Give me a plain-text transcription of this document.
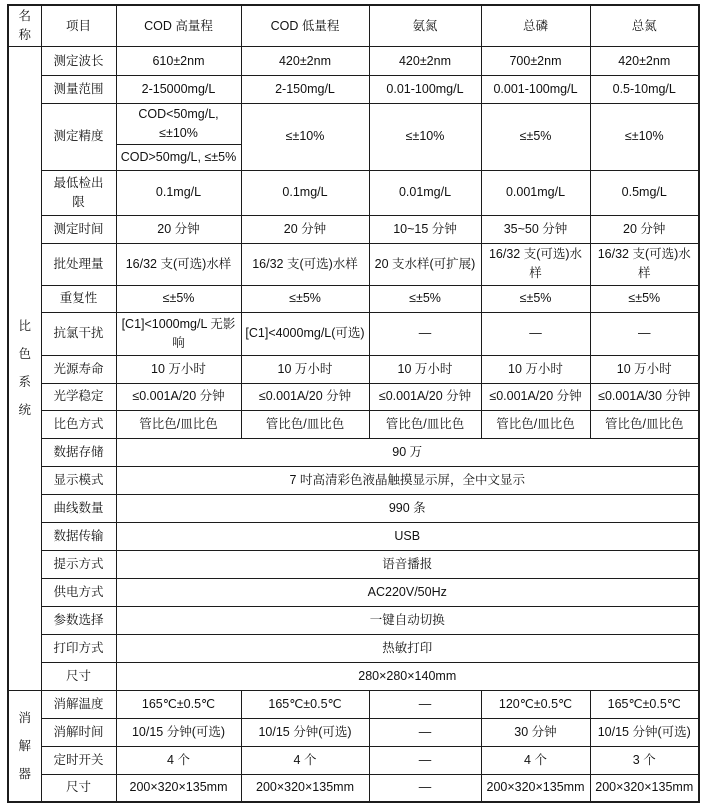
名称	项目	COD 高量程	COD 低量程	氨氮	总磷	总氮
比色系统	测定波长	610±2nm	420±2nm	420±2nm	700±2nm	420±2nm
	测量范围	2-15000mg/L	2-150mg/L	0.01-100mg/L	0.001-100mg/L	0.5-10mg/L
	测定精度	COD<50mg/L, ≤±10%	≤±10%	≤±10%	≤±5%	≤±10%
		COD>50mg/L, ≤±5%				
	最低检出限	0.1mg/L	0.1mg/L	0.01mg/L	0.001mg/L	0.5mg/L
	测定时间	20 分钟	20 分钟	10~15 分钟	35~50 分钟	20 分钟
	批处理量	16/32 支(可选)水样	16/32 支(可选)水样	20 支水样(可扩展)	16/32 支(可选)水样	16/32 支(可选)水样
	重复性	≤±5%	≤±5%	≤±5%	≤±5%	≤±5%
	抗氯干扰	[C1]<1000mg/L 无影响	[C1]<4000mg/L(可选)	—	—	—
	光源寿命	10 万小时	10 万小时	10 万小时	10 万小时	10 万小时
	光学稳定	≤0.001A/20 分钟	≤0.001A/20 分钟	≤0.001A/20 分钟	≤0.001A/20 分钟	≤0.001A/30 分钟
	比色方式	管比色/皿比色	管比色/皿比色	管比色/皿比色	管比色/皿比色	管比色/皿比色
	数据存储	90 万				
	显示模式	7 吋高清彩色液晶触摸显示屏，全中文显示				
	曲线数量	990 条				
	数据传输	USB				
	提示方式	语音播报				
	供电方式	AC220V/50Hz				
	参数选择	一键自动切换				
	打印方式	热敏打印				
	尺寸	280×280×140mm				
消解器	消解温度	165℃±0.5℃	165℃±0.5℃	—	120℃±0.5℃	165℃±0.5℃
	消解时间	10/15 分钟(可选)	10/15 分钟(可选)	—	30 分钟	10/15 分钟(可选)
	定时开关	4 个	4 个	—	4 个	3 个
	尺寸	200×320×135mm	200×320×135mm	—	200×320×135mm	200×320×135mm
